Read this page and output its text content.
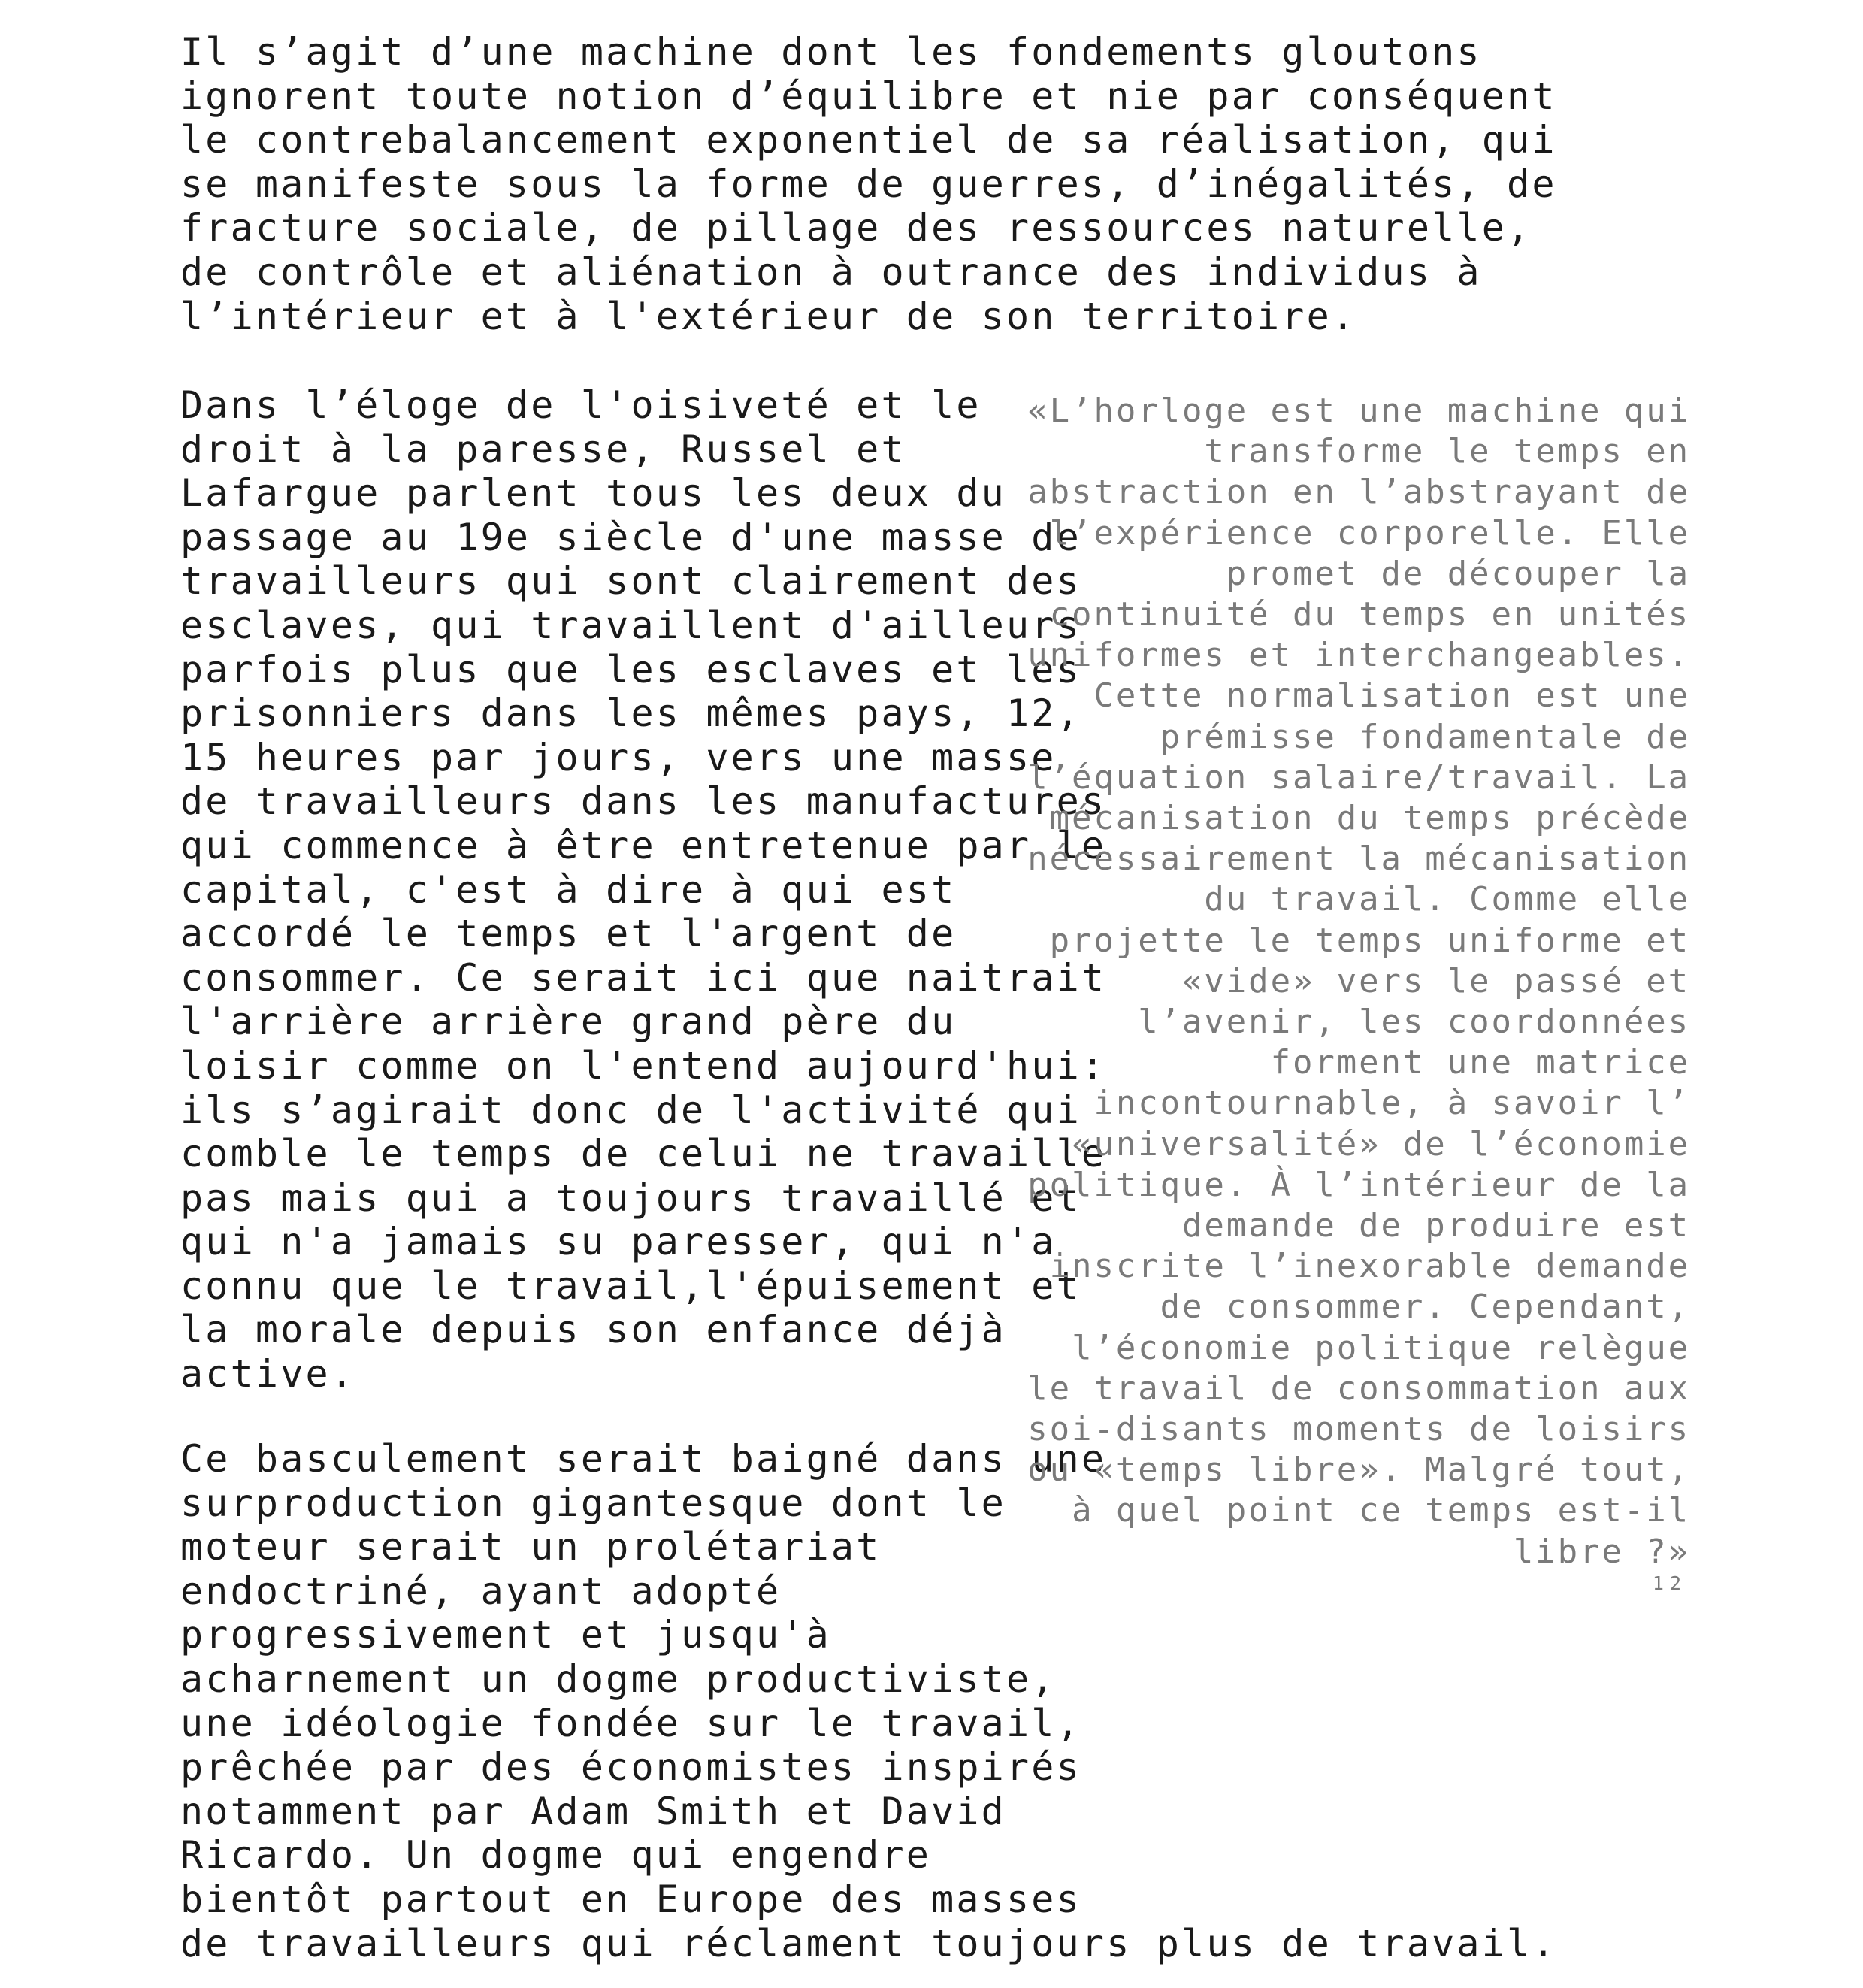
Il s’agit d’une machine dont les fondements gloutons
ignorent toute notion d’équilibre et nie par conséquent
le contrebalancement exponentiel de sa réalisation, qui
se manifeste sous la forme de guerres, d’inégalités, de
fracture sociale, de pillage des ressources naturelle,
de contrôle et aliénation à outrance des individus à
l’intérieur et à l'extérieur de son territoire.

Dans l’éloge de l'oisiveté et le
droit à la paresse, Russel et
Lafargue parlent tous les deux du
passage au 19e siècle d'une masse de
travailleurs qui sont clairement des
esclaves, qui travaillent d'ailleurs
parfois plus que les esclaves et les
prisonniers dans les mêmes pays, 12,
15 heures par jours, vers une masse
de travailleurs dans les manufactures
qui commence à être entretenue par le
capital, c'est à dire à qui est
accordé le temps et l'argent de
consommer. Ce serait ici que naitrait
l'arrière arrière grand père du
loisir comme on l'entend aujourd'hui:
ils s’agirait donc de l'activité qui
comble le temps de celui ne travaille
pas mais qui a toujours travaillé et
qui n'a jamais su paresser, qui n'a
connu que le travail,l'épuisement et
la morale depuis son enfance déjà
active.

Ce basculement serait baigné dans une
surproduction gigantesque dont le
moteur serait un prolétariat
endoctriné, ayant adopté
progressivement et jusqu'à
acharnement un dogme productiviste,
une idéologie fondée sur le travail,
prêchée par des économistes inspirés
notamment par Adam Smith et David
Ricardo. Un dogme qui engendre
bientôt partout en Europe des masses
de travailleurs qui réclament toujours plus de travail.

«L’horloge est une machine qui
transforme le temps en
abstraction en l’abstrayant de
l’expérience corporelle. Elle
promet de découper la
continuité du temps en unités
uniformes et interchangeables.
Cette normalisation est une
prémisse fondamentale de
l’équation salaire/travail. La
mécanisation du temps précède
nécessairement la mécanisation
du travail. Comme elle
projette le temps uniforme et
«vide» vers le passé et
l’avenir, les coordonnées
forment une matrice
incontournable, à savoir l’
«universalité» de l’économie
politique. À l’intérieur de la
demande de produire est
inscrite l’inexorable demande
de consommer. Cependant,
l’économie politique relègue
le travail de consommation aux
soi-disants moments de loisirs
ou «temps libre». Malgré tout,
à quel point ce temps est-il
libre ?»
12
